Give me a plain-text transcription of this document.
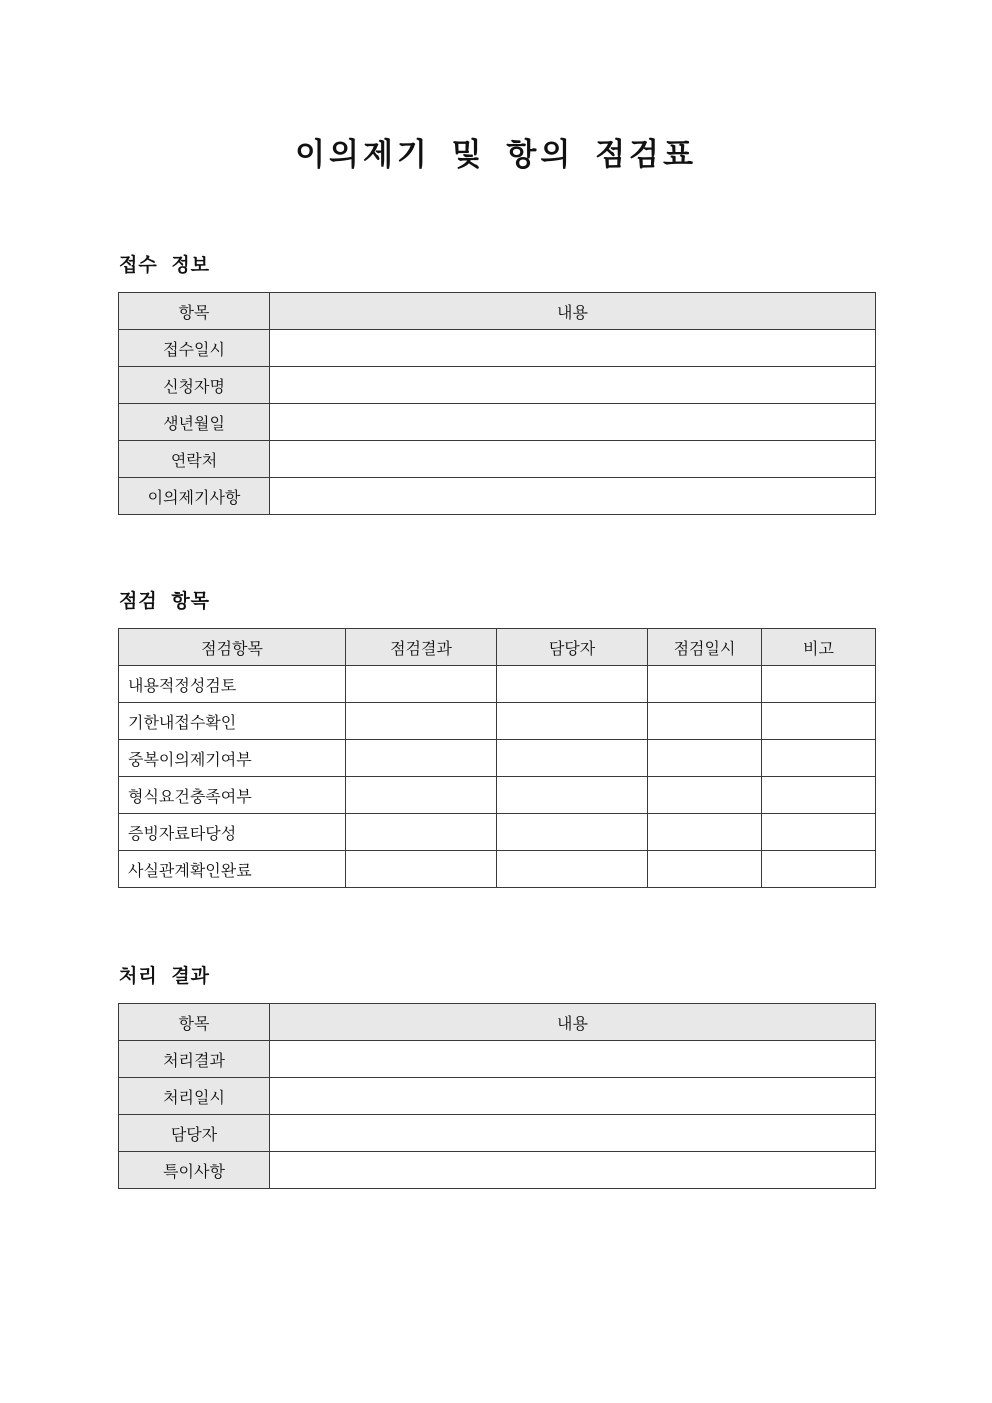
이의제기 및 항의 점검표
접수 정보
항목	내용
접수일시	
신청자명	
생년월일	
연락처	
이의제기사항	
점검 항목
점검항목	점검결과	담당자	점검일시	비고
내용적정성검토				
기한내접수확인				
중복이의제기여부				
형식요건충족여부				
증빙자료타당성				
사실관계확인완료				
처리 결과
항목	내용
처리결과	
처리일시	
담당자	
특이사항	
